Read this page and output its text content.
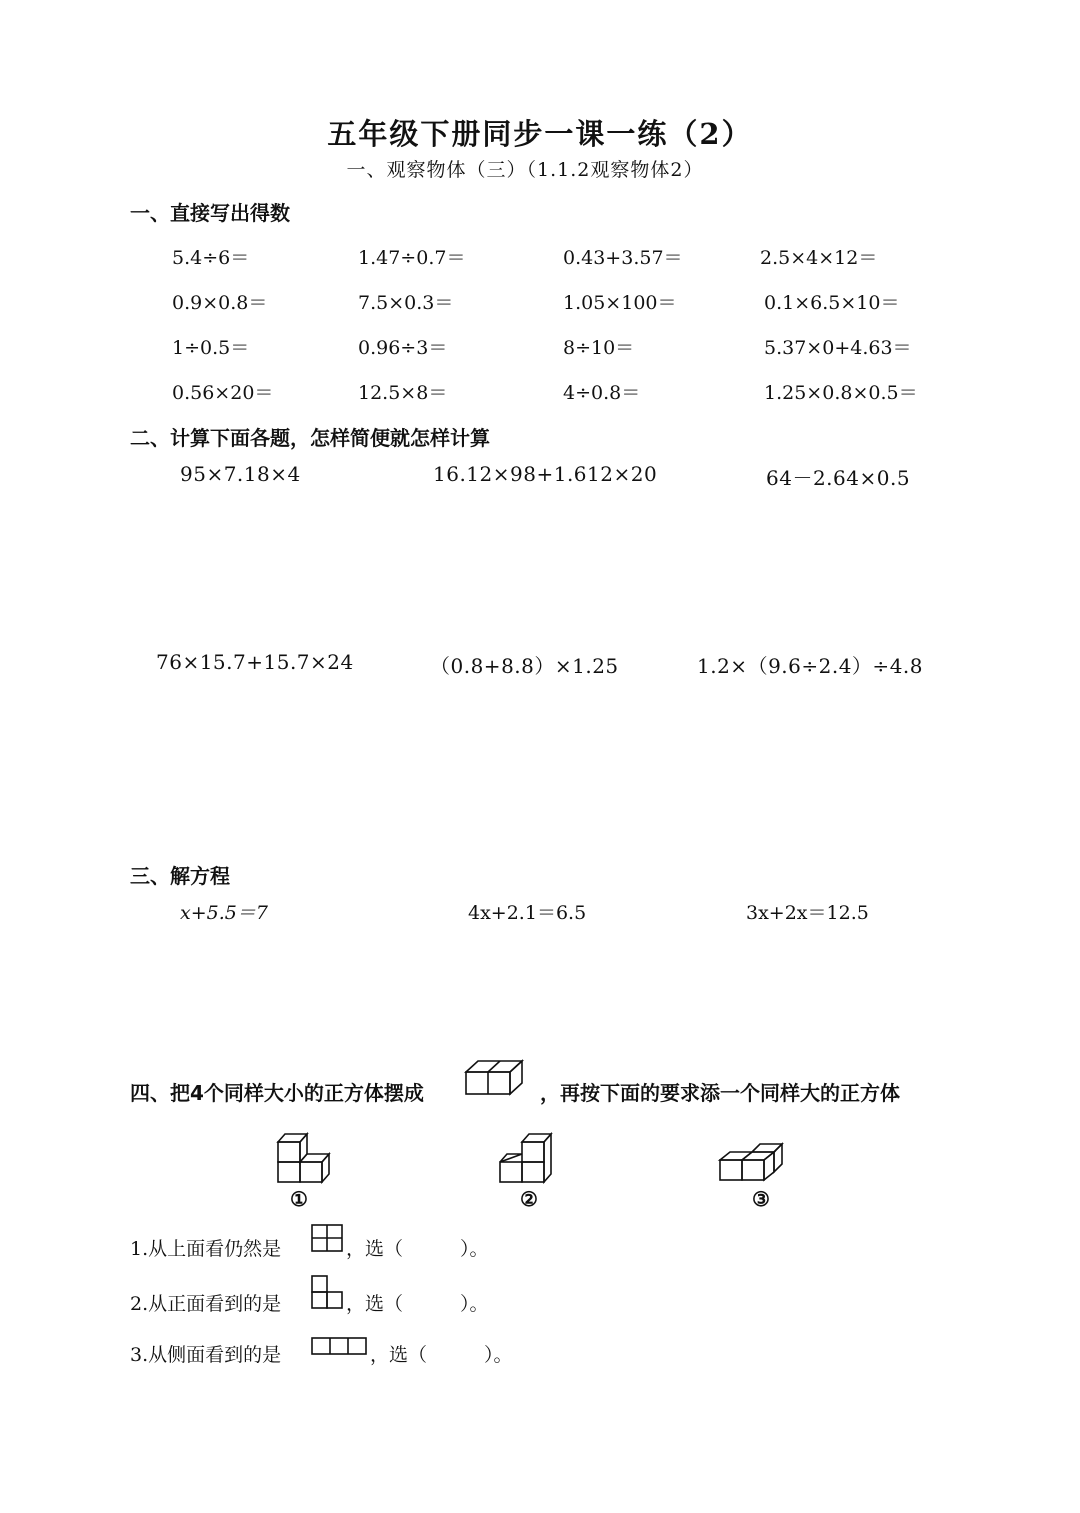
五年级下册同步一课一练（2）
一、观察物体（三）（1.1.2观察物体2）
一、直接写出得数
5.4÷6＝	1.47÷0.7＝	0.43+3.57＝	2.5×4×12＝
0.9×0.8＝	7.5×0.3＝	1.05×100＝	0.1×6.5×10＝
1÷0.5＝	0.96÷3＝	8÷10＝	5.37×0+4.63＝
0.56×20＝	12.5×8＝	4÷0.8＝	1.25×0.8×0.5＝
二、计算下面各题，怎样简便就怎样计算
95×7.18×4	16.12×98+1.612×20	64－2.64×0.5
76×15.7+15.7×24	（0.8+8.8）×1.25	1.2×（9.6÷2.4）÷4.8
三、解方程
x+5.5＝7	4x+2.1＝6.5	3x+2x＝12.5
四、把4个同样大小的正方体摆成	，再按下面的要求添一个同样大的正方体
①	②	③
1.从上面看仍然是	，选（　　　）。
2.从正面看到的是	，选（　　　）。
3.从侧面看到的是	，选（　　　）。
